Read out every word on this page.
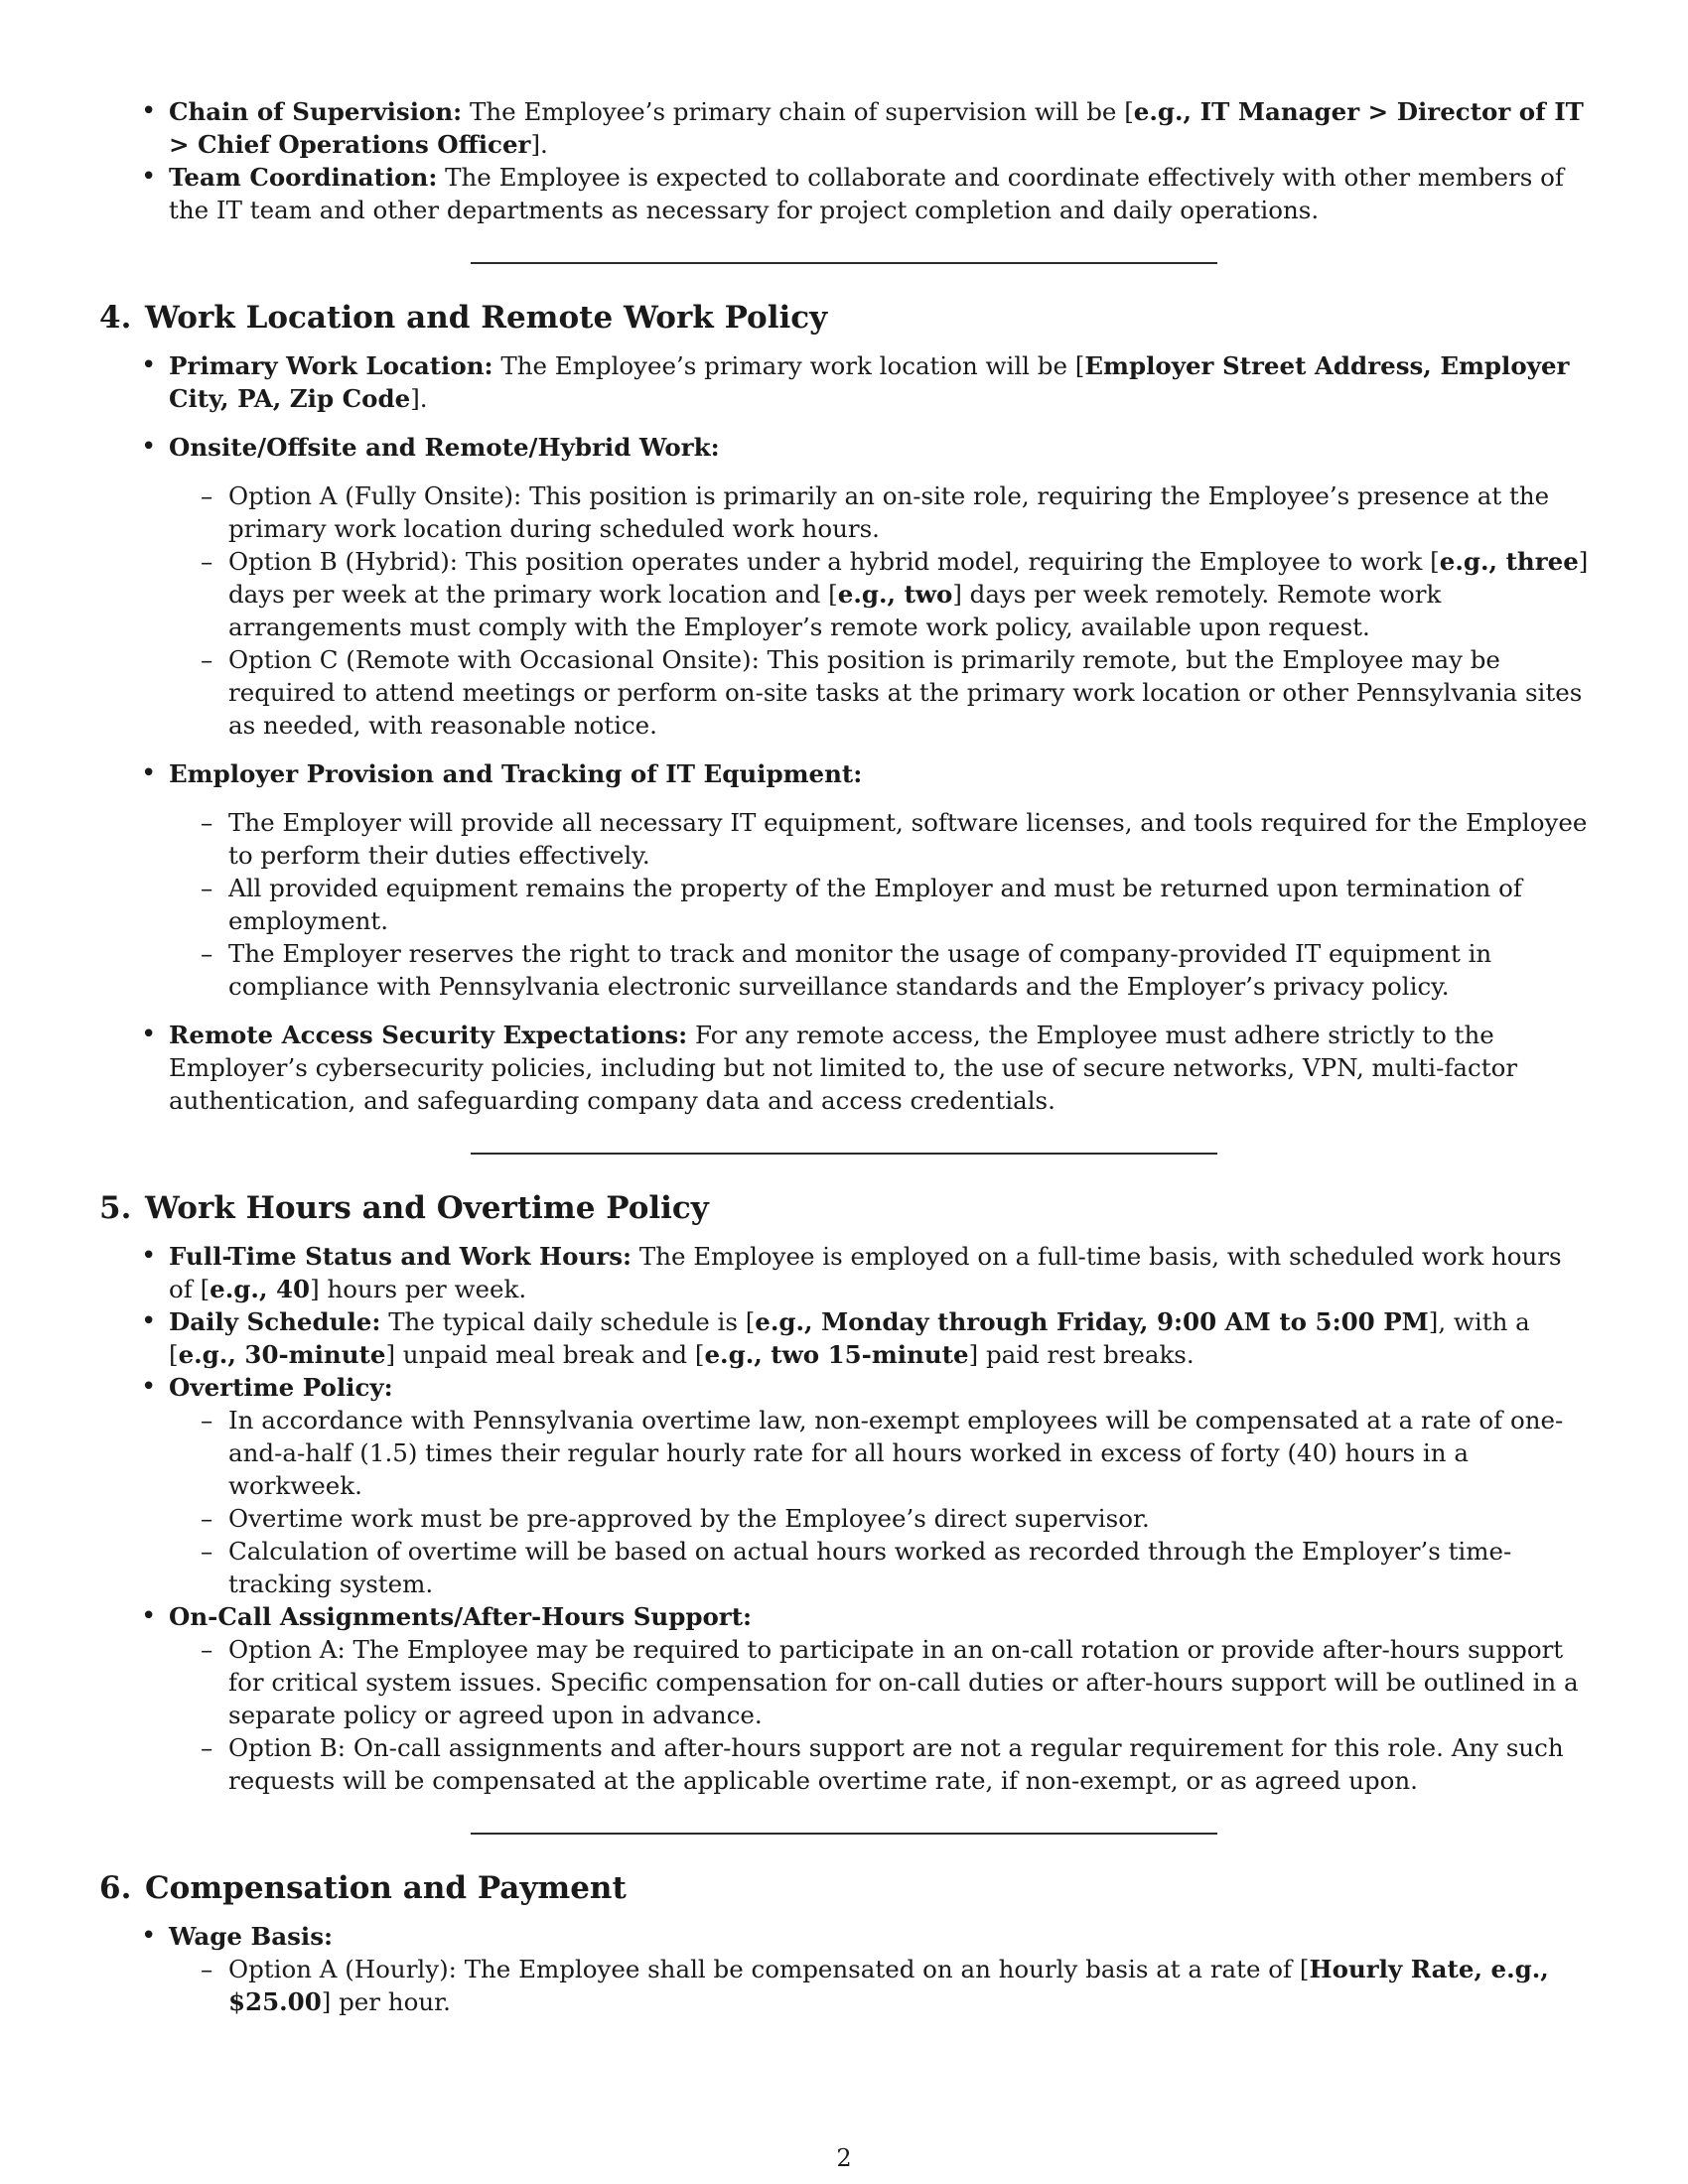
• Chain of Supervision: The Employee’s primary chain of supervision will be [e.g., IT Manager > Director of IT > Chief Operations Officer].
• Team Coordination: The Employee is expected to collaborate and coordinate effectively with other members of the IT team and other departments as necessary for project completion and daily operations.
4. Work Location and Remote Work Policy
• Primary Work Location: The Employee’s primary work location will be [Employer Street Address, Employer City, PA, Zip Code].
• Onsite/Offsite and Remote/Hybrid Work:
– Option A (Fully Onsite): This position is primarily an on-site role, requiring the Employee’s presence at the primary work location during scheduled work hours.
– Option B (Hybrid): This position operates under a hybrid model, requiring the Employee to work [e.g., three] days per week at the primary work location and [e.g., two] days per week remotely. Remote work arrangements must comply with the Employer’s remote work policy, available upon request.
– Option C (Remote with Occasional Onsite): This position is primarily remote, but the Employee may be required to attend meetings or perform on-site tasks at the primary work location or other Pennsylvania sites as needed, with reasonable notice.
• Employer Provision and Tracking of IT Equipment:
– The Employer will provide all necessary IT equipment, software licenses, and tools required for the Employee to perform their duties effectively.
– All provided equipment remains the property of the Employer and must be returned upon termination of employment.
– The Employer reserves the right to track and monitor the usage of company-provided IT equipment in compliance with Pennsylvania electronic surveillance standards and the Employer’s privacy policy.
• Remote Access Security Expectations: For any remote access, the Employee must adhere strictly to the Employer’s cybersecurity policies, including but not limited to, the use of secure networks, VPN, multi-factor authentication, and safeguarding company data and access credentials.
5. Work Hours and Overtime Policy
• Full-Time Status and Work Hours: The Employee is employed on a full-time basis, with scheduled work hours of [e.g., 40] hours per week.
• Daily Schedule: The typical daily schedule is [e.g., Monday through Friday, 9:00 AM to 5:00 PM], with a [e.g., 30-minute] unpaid meal break and [e.g., two 15-minute] paid rest breaks.
• Overtime Policy:
– In accordance with Pennsylvania overtime law, non-exempt employees will be compensated at a rate of one-and-a-half (1.5) times their regular hourly rate for all hours worked in excess of forty (40) hours in a workweek.
– Overtime work must be pre-approved by the Employee’s direct supervisor.
– Calculation of overtime will be based on actual hours worked as recorded through the Employer’s time-tracking system.
• On-Call Assignments/After-Hours Support:
– Option A: The Employee may be required to participate in an on-call rotation or provide after-hours support for critical system issues. Specific compensation for on-call duties or after-hours support will be outlined in a separate policy or agreed upon in advance.
– Option B: On-call assignments and after-hours support are not a regular requirement for this role. Any such requests will be compensated at the applicable overtime rate, if non-exempt, or as agreed upon.
6. Compensation and Payment
• Wage Basis:
– Option A (Hourly): The Employee shall be compensated on an hourly basis at a rate of [Hourly Rate, e.g., $25.00] per hour.
2
